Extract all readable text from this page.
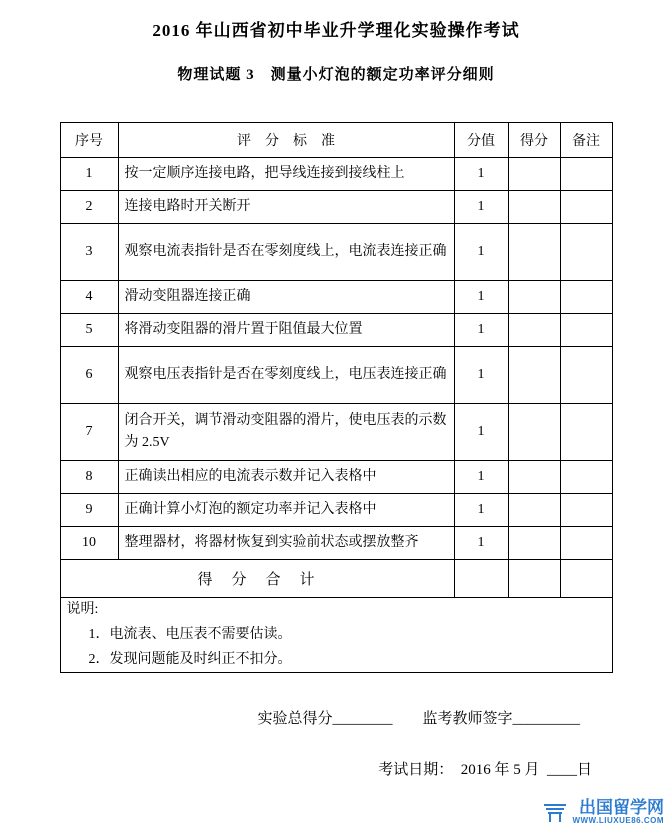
2016 年山西省初中毕业升学理化实验操作考试
物理试题 3　测量小灯泡的额定功率评分细则
序号	评　分　标　准	分值	得分	备注
1	按一定顺序连接电路，把导线连接到接线柱上	1		
2	连接电路时开关断开	1		
3	观察电流表指针是否在零刻度线上，电流表连接正确	1		
4	滑动变阻器连接正确	1		
5	将滑动变阻器的滑片置于阻值最大位置	1		
6	观察电压表指针是否在零刻度线上，电压表连接正确	1		
7	闭合开关，调节滑动变阻器的滑片，使电压表的示数为 2.5V	1		
8	正确读出相应的电流表示数并记入表格中	1		
9	正确计算小灯泡的额定功率并记入表格中	1		
10	整理器材，将器材恢复到实验前状态或摆放整齐	1		
得　分　合　计				

说明:
1．电流表、电压表不需要估读。
2．发现问题能及时纠正不扣分。				
实验总得分________　　监考教师签字_________
考试日期：　2016 年 5 月  ____日
出国留学网
WWW.LIUXUE86.COM
